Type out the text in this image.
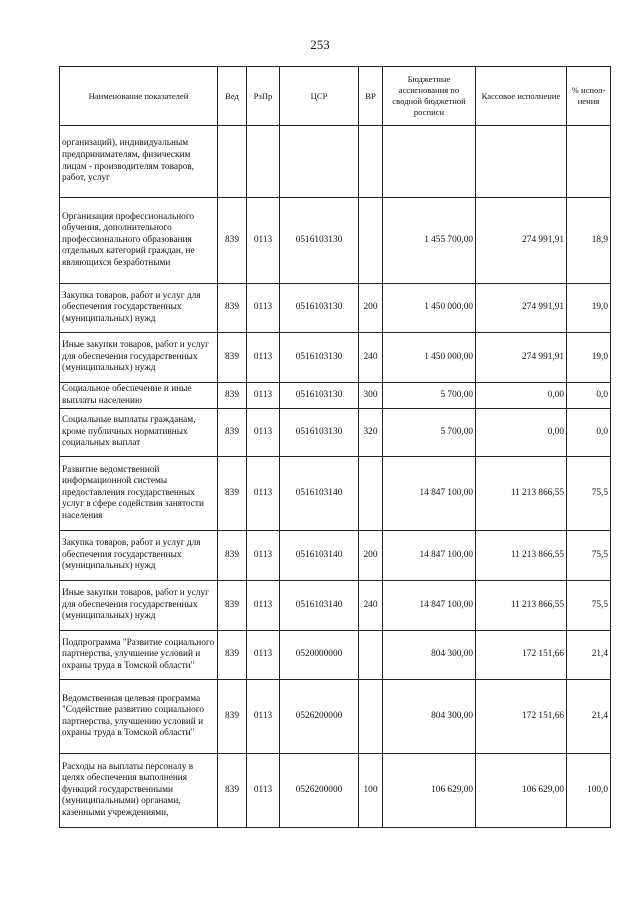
253
Наименование показателей	Вед	РзПр	ЦСР	ВР	Бюджетные ассигнования по сводной бюджетной росписи	Кассовое исполнение	% испол-нения
организаций), индивидуальным предпринимателям, физическим лицам - производителям товаров, работ, услуг							
Организация профессионального обучения, дополнительного профессионального образования отдельных категорий граждан, не являющихся безработными	839	0113	0516103130		1 455 700,00	274 991,91	18,9
Закупка товаров, работ и услуг для обеспечения государственных (муниципальных) нужд	839	0113	0516103130	200	1 450 000,00	274 991,91	19,0
Иные закупки товаров, работ и услуг для обеспечения государственных (муниципальных) нужд	839	0113	0516103130	240	1 450 000,00	274 991,91	19,0
Социальное обеспечение и иные выплаты населению	839	0113	0516103130	300	5 700,00	0,00	0,0
Социальные выплаты гражданам, кроме публичных нормативных социальных выплат	839	0113	0516103130	320	5 700,00	0,00	0,0
Развитие ведомственной информационной системы предоставления государственных услуг в сфере содействия занятости населения	839	0113	0516103140		14 847 100,00	11 213 866,55	75,5
Закупка товаров, работ и услуг для обеспечения государственных (муниципальных) нужд	839	0113	0516103140	200	14 847 100,00	11 213 866,55	75,5
Иные закупки товаров, работ и услуг для обеспечения государственных (муниципальных) нужд	839	0113	0516103140	240	14 847 100,00	11 213 866,55	75,5
Подпрограмма "Развитие социального партнерства, улучшение условий и охраны труда в Томской области"	839	0113	0520000000		804 300,00	172 151,66	21,4
Ведомственная целевая программа "Содействие развитию социального партнерства, улучшению условий и охраны труда в Томской области"	839	0113	0526200000		804 300,00	172 151,66	21,4
Расходы на выплаты персоналу в целях обеспечения выполнения функций государственными (муниципальными) органами, казенными учреждениями,	839	0113	0526200000	100	106 629,00	106 629,00	100,0
